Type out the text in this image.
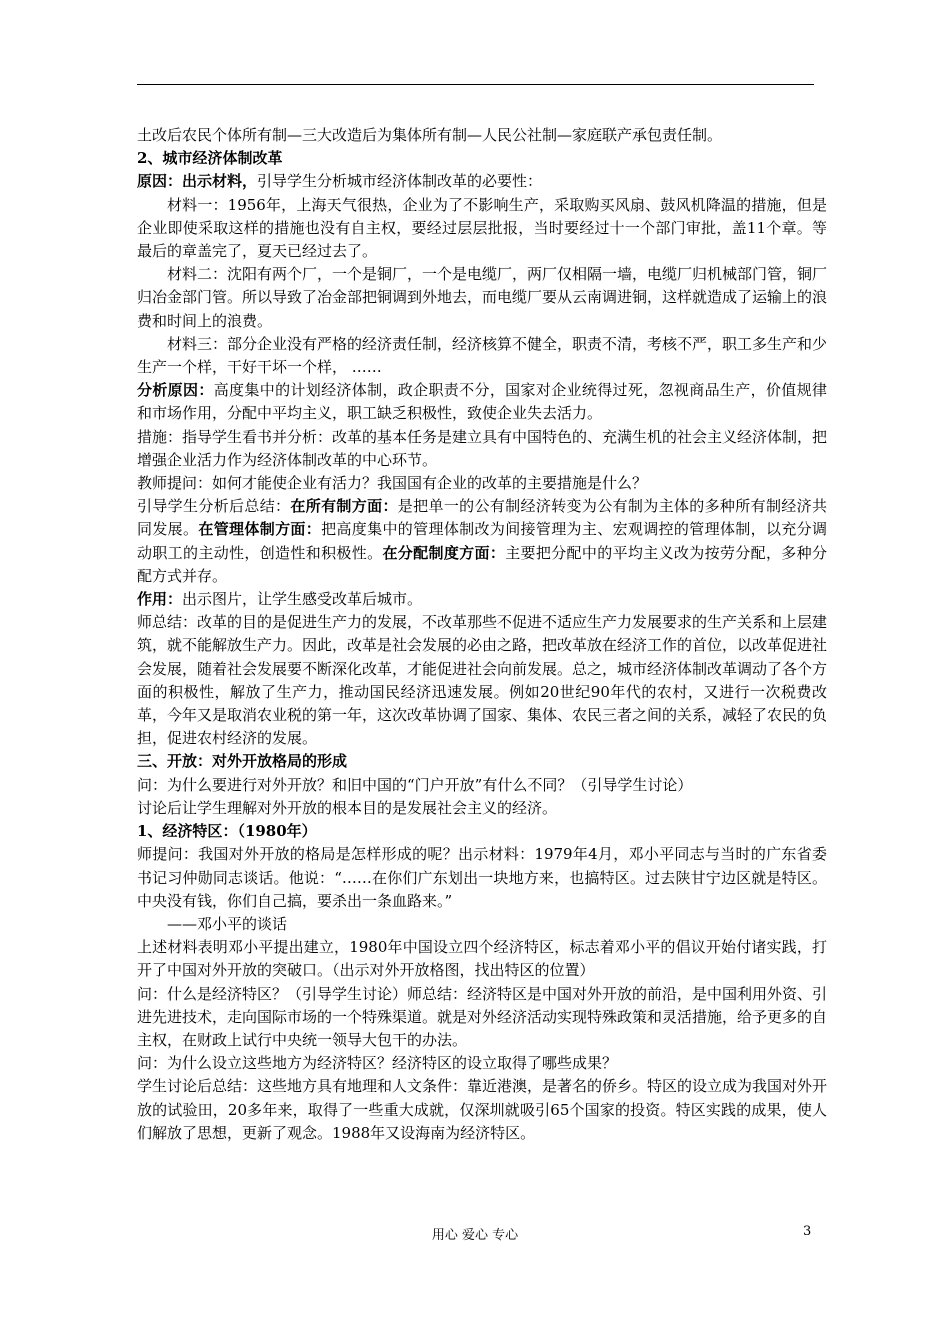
土改后农民个体所有制—三大改造后为集体所有制—人民公社制—家庭联产承包责任制。

2、城市经济体制改革

原因：出示材料，引导学生分析城市经济体制改革的必要性：

材料一：1956年，上海天气很热，企业为了不影响生产，采取购买风扇、鼓风机降温的措施，但是企业即使采取这样的措施也没有自主权，要经过层层批报，当时要经过十一个部门审批，盖11个章。等最后的章盖完了，夏天已经过去了。

材料二：沈阳有两个厂，一个是铜厂，一个是电缆厂，两厂仅相隔一墙，电缆厂归机械部门管，铜厂归冶金部门管。所以导致了冶金部把铜调到外地去，而电缆厂要从云南调进铜，这样就造成了运输上的浪费和时间上的浪费。

材料三：部分企业没有严格的经济责任制，经济核算不健全，职责不清，考核不严，职工多生产和少生产一个样，干好干坏一个样， ……

分析原因：高度集中的计划经济体制，政企职责不分，国家对企业统得过死，忽视商品生产，价值规律和市场作用，分配中平均主义，职工缺乏积极性，致使企业失去活力。

措施：指导学生看书并分析：改革的基本任务是建立具有中国特色的、充满生机的社会主义经济体制，把增强企业活力作为经济体制改革的中心环节。

教师提问：如何才能使企业有活力？我国国有企业的改革的主要措施是什么？

引导学生分析后总结：在所有制方面：是把单一的公有制经济转变为公有制为主体的多种所有制经济共同发展。在管理体制方面：把高度集中的管理体制改为间接管理为主、宏观调控的管理体制，以充分调动职工的主动性，创造性和积极性。在分配制度方面：主要把分配中的平均主义改为按劳分配，多种分配方式并存。

作用：出示图片，让学生感受改革后城市。

师总结：改革的目的是促进生产力的发展，不改革那些不促进不适应生产力发展要求的生产关系和上层建筑，就不能解放生产力。因此，改革是社会发展的必由之路，把改革放在经济工作的首位，以改革促进社会发展，随着社会发展要不断深化改革，才能促进社会向前发展。总之，城市经济体制改革调动了各个方面的积极性，解放了生产力，推动国民经济迅速发展。例如20世纪90年代的农村，又进行一次税费改革，今年又是取消农业税的第一年，这次改革协调了国家、集体、农民三者之间的关系，减轻了农民的负担，促进农村经济的发展。

三、开放：对外开放格局的形成

问：为什么要进行对外开放？和旧中国的“门户开放”有什么不同？（引导学生讨论）

讨论后让学生理解对外开放的根本目的是发展社会主义的经济。

1、经济特区：（1980年）

师提问：我国对外开放的格局是怎样形成的呢？出示材料：1979年4月，邓小平同志与当时的广东省委书记习仲勋同志谈话。他说：“……在你们广东划出一块地方来，也搞特区。过去陕甘宁边区就是特区。中央没有钱，你们自己搞，要杀出一条血路来。”

——邓小平的谈话

上述材料表明邓小平提出建立，1980年中国设立四个经济特区，标志着邓小平的倡议开始付诸实践，打开了中国对外开放的突破口。（出示对外开放格图，找出特区的位置）

问：什么是经济特区？（引导学生讨论）师总结：经济特区是中国对外开放的前沿，是中国利用外资、引进先进技术，走向国际市场的一个特殊渠道。就是对外经济活动实现特殊政策和灵活措施，给予更多的自主权，在财政上试行中央统一领导大包干的办法。

问：为什么设立这些地方为经济特区？经济特区的设立取得了哪些成果？

学生讨论后总结：这些地方具有地理和人文条件：靠近港澳，是著名的侨乡。特区的设立成为我国对外开放的试验田，20多年来，取得了一些重大成就，仅深圳就吸引65个国家的投资。特区实践的成果，使人们解放了思想，更新了观念。1988年又设海南为经济特区。

用心 爱心 专心	3
